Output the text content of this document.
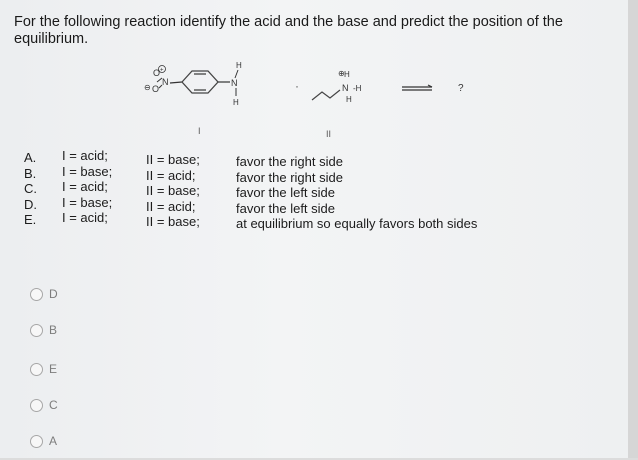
For the following reaction identify the acid and the base and predict the position of the equilibrium.
O +
N
⊖ O
N
H
H
·
⊕ H
N -H
H
?
I	II
A.
B.
C.
D.
E.
I = acid;
I = base;
I = acid;
I = base;
I = acid;
II = base;
II = acid;
II = base;
II = acid;
II = base;
favor the right side
favor the right side
favor the left side
favor the left side
at equilibrium so equally favors both sides
D
B
E
C
A
